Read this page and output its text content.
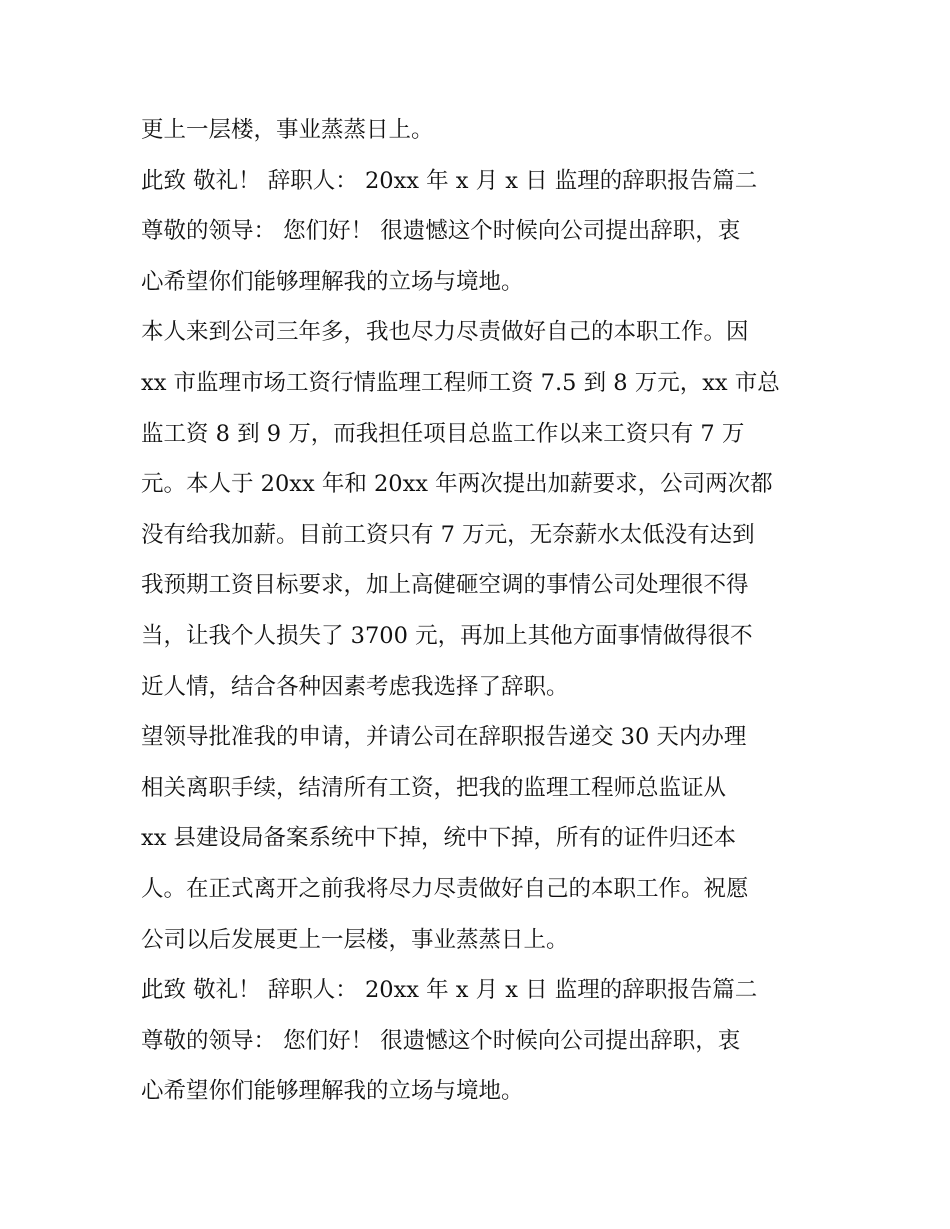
更上一层楼，事业蒸蒸日上。
此致 敬礼！ 辞职人： 20xx 年 x 月 x 日 监理的辞职报告篇二
尊敬的领导： 您们好！ 很遗憾这个时候向公司提出辞职，衷
心希望你们能够理解我的立场与境地。
本人来到公司三年多，我也尽力尽责做好自己的本职工作。因
xx 市监理市场工资行情监理工程师工资 7.5 到 8 万元，xx 市总
监工资 8 到 9 万，而我担任项目总监工作以来工资只有 7 万
元。本人于 20xx 年和 20xx 年两次提出加薪要求，公司两次都
没有给我加薪。目前工资只有 7 万元，无奈薪水太低没有达到
我预期工资目标要求，加上高健砸空调的事情公司处理很不得
当，让我个人损失了 3700 元，再加上其他方面事情做得很不
近人情，结合各种因素考虑我选择了辞职。
望领导批准我的申请，并请公司在辞职报告递交 30 天内办理
相关离职手续，结清所有工资，把我的监理工程师总监证从
xx 县建设局备案系统中下掉，统中下掉，所有的证件归还本
人。在正式离开之前我将尽力尽责做好自己的本职工作。祝愿
公司以后发展更上一层楼，事业蒸蒸日上。
此致 敬礼！ 辞职人： 20xx 年 x 月 x 日 监理的辞职报告篇二
尊敬的领导： 您们好！ 很遗憾这个时候向公司提出辞职，衷
心希望你们能够理解我的立场与境地。
